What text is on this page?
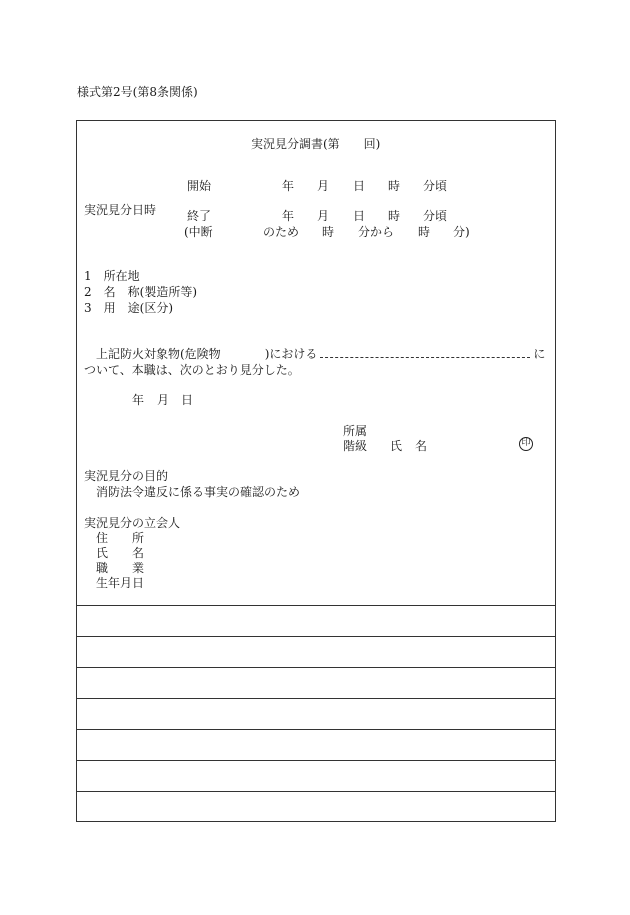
様式第2号(第8条関係)
実況見分調書(第　　回)
実況見分日時
開始	年 月 日 時 分頃
終了	年 月 日 時 分頃
(中断	のため 時 分から 時 分)
1　所在地
2　名　称(製造所等)
3　用　途(区分)
上記防火対象物(危険物	)における	に
ついて、本職は、次のとおり見分した。
年 月 日
所属
階級 氏 名	印
実況見分の目的
消防法令違反に係る事実の確認のため
実況見分の立会人
住 所
氏 名
職 業
生年月日
